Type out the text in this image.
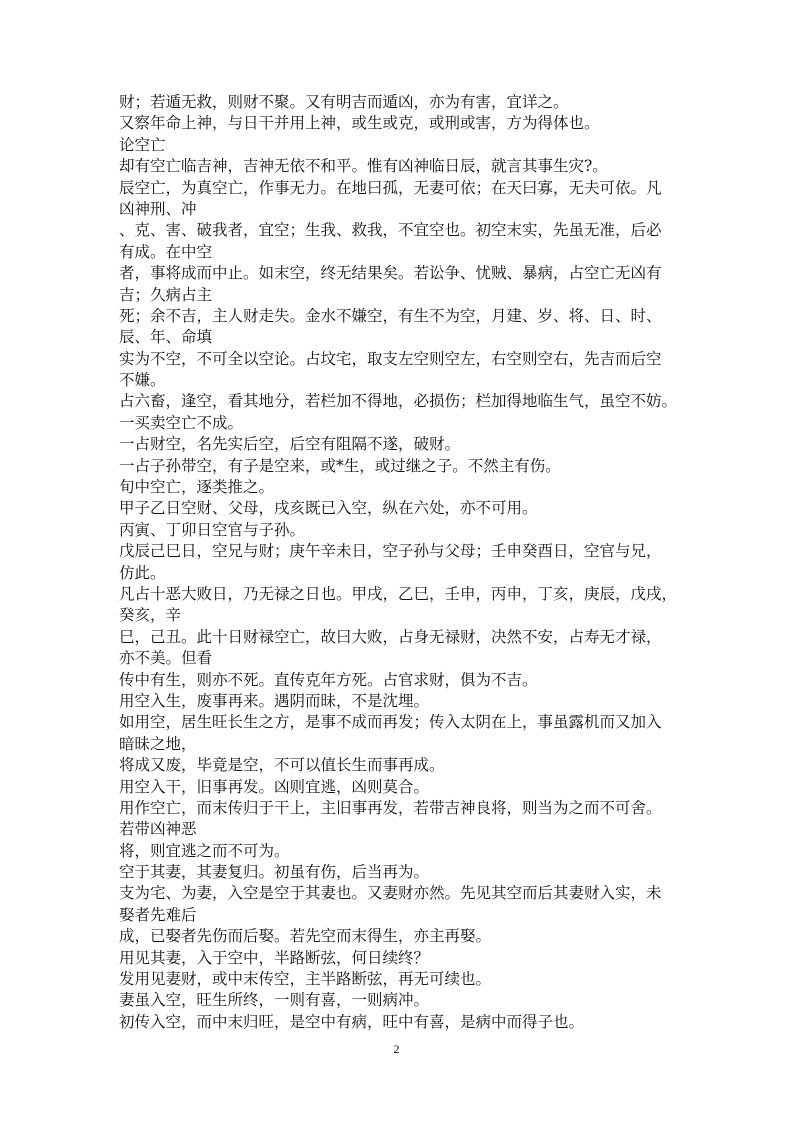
财；若遁无救，则财不聚。又有明吉而遁凶，亦为有害，宜详之。

又察年命上神，与日干并用上神，或生或克，或刑或害，方为得体也。

论空亡

却有空亡临吉神，吉神无依不和平。惟有凶神临日辰，就言其事生灾?。

辰空亡，为真空亡，作事无力。在地曰孤，无妻可依；在天曰寡，无夫可依。凡

凶神刑、冲

、克、害、破我者，宜空；生我、救我，不宜空也。初空末实，先虽无准，后必

有成。在中空

者，事将成而中止。如末空，终无结果矣。若讼争、忧贼、暴病，占空亡无凶有

吉；久病占主

死；余不吉，主人财走失。金水不嫌空，有生不为空，月建、岁、将、日、时、

辰、年、命填

实为不空，不可全以空论。占坟宅，取支左空则空左，右空则空右，先吉而后空

不嫌。

占六畜，逢空，看其地分，若栏加不得地，必损伤；栏加得地临生气，虽空不妨。

一买卖空亡不成。

一占财空，名先实后空，后空有阻隔不遂，破财。

一占子孙带空，有子是空来，或*生，或过继之子。不然主有伤。

旬中空亡，逐类推之。

甲子乙日空财、父母，戌亥既已入空，纵在六处，亦不可用。

丙寅、丁卯日空官与子孙。

戊辰己巳日，空兄与财；庚午辛未日，空子孙与父母；壬申癸酉日，空官与兄，

仿此。

凡占十恶大败日，乃无禄之日也。甲戌，乙巳，壬申，丙申，丁亥，庚辰，戊戌，

癸亥，辛

巳，己丑。此十日财禄空亡，故曰大败，占身无禄财，决然不安，占寿无才禄，

亦不美。但看

传中有生，则亦不死。直传克年方死。占官求财，俱为不吉。

用空入生，废事再来。遇阴而昧，不是沈埋。

如用空，居生旺长生之方，是事不成而再发；传入太阴在上，事虽露机而又加入

暗昧之地，

将成又废，毕竟是空，不可以值长生而事再成。

用空入干，旧事再发。凶则宜逃，凶则莫合。

用作空亡，而末传归于干上，主旧事再发，若带吉神良将，则当为之而不可舍。

若带凶神恶

将，则宜逃之而不可为。

空于其妻，其妻复归。初虽有伤，后当再为。

支为宅、为妻，入空是空于其妻也。又妻财亦然。先见其空而后其妻财入实，未

娶者先难后

成，已娶者先伤而后娶。若先空而末得生，亦主再娶。

用见其妻，入于空中，半路断弦，何日续终？

发用见妻财，或中末传空，主半路断弦，再无可续也。

妻虽入空，旺生所终，一则有喜，一则病冲。

初传入空，而中末归旺，是空中有病，旺中有喜，是病中而得子也。

2
